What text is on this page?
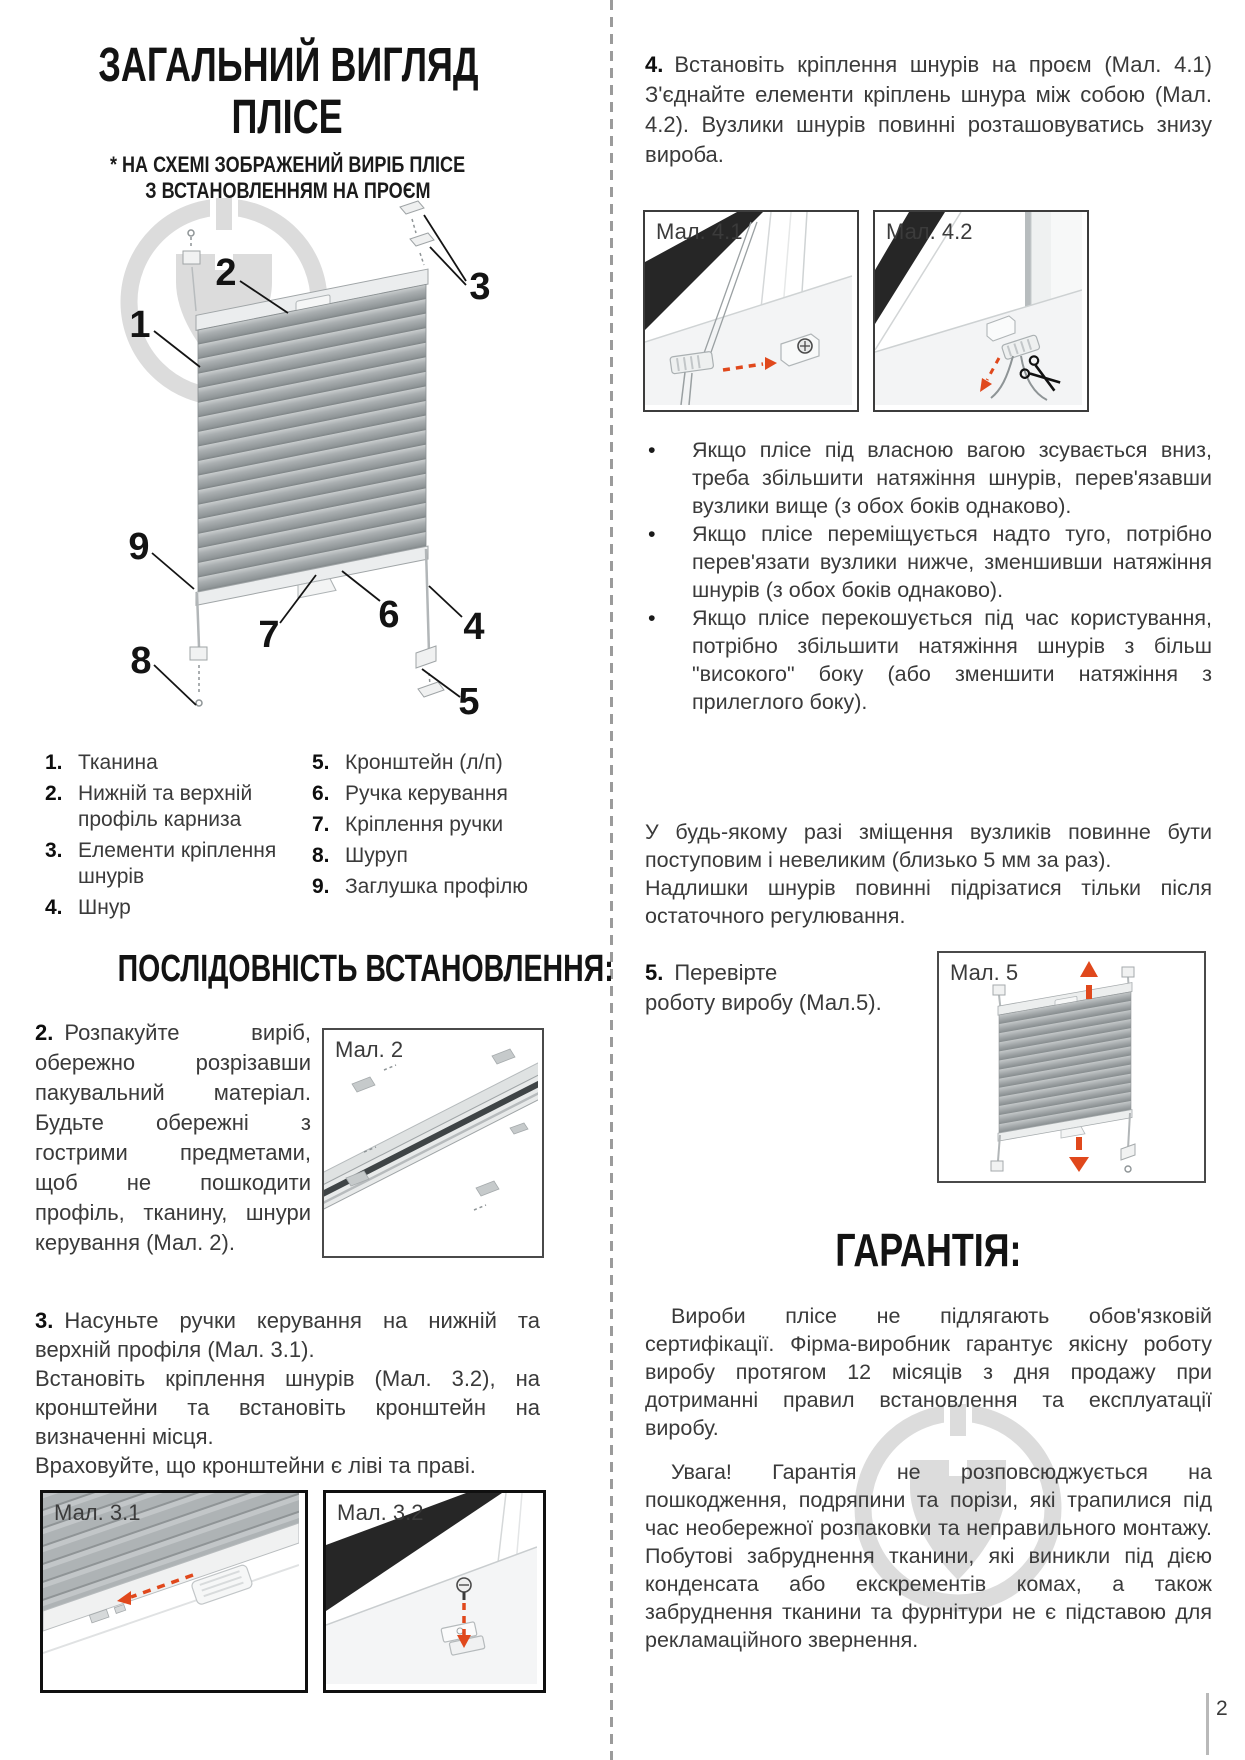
ЗАГАЛЬНИЙ ВИГЛЯД
ПЛІСЕ
* НА СХЕМІ ЗОБРАЖЕНИЙ ВИРІБ ПЛІСЕ
З ВСТАНОВЛЕННЯМ НА ПРОЄМ
1
2	3
9
8
7	6 4
5
1. Тканина
2. Нижній та верхній профіль карниза
3. Елементи кріплення шнурів
4. Шнур
5. Кронштейн (л/п)
6. Ручка керування
7. Кріплення ручки
8. Шуруп
9. Заглушка профілю
ПОСЛІДОВНІСТЬ ВСТАНОВЛЕННЯ:

2.  Розпакуйте виріб, обережно розрізавши пакувальний матеріал. Будьте обережні з гострими предметами, щоб не пошкодити профіль, тканину, шнури керування (Мал. 2).

Мал. 2
3.  Насуньте ручки керування на нижній та верхній профіля (Мал. 3.1).
Встановіть кріплення шнурів (Мал. 3.2), на кронштейни та встановіть кронштейн на визначенні місця.
Враховуйте, що кронштейни є ліві та праві.
Мал. 3.1	Мал. 3.2

4.  Встановіть кріплення шнурів на проєм (Мал. 4.1) З'єднайте елементи кріплень шнура між собою (Мал. 4.2). Вузлики шнурів повинні розташовуватись знизу вироба.

Мал. 4.1	Мал. 4.2
•	Якщо плісе під власною вагою зсувається вниз, треба збільшити натяжіння шнурів, перев'язавши вузлики вище (з обох боків однаково).
•	Якщо плісе переміщується надто туго, потрібно перев'язати вузлики нижче, зменшивши натяжіння шнурів (з обох боків однаково).
•	Якщо плісе перекошується під час користування, потрібно збільшити натяжіння шнурів з більш "високого" боку (або зменшити натяжіння з прилеглого боку).
У будь-якому разі зміщення вузликів повинне бути поступовим і невеликим (близько 5 мм за раз).
Надлишки шнурів повинні підрізатися тільки після остаточного регулювання.
5.  Перевірте
роботу виробу (Мал.5).
Мал. 5
ГАРАНТІЯ:

Вироби плісе не підлягають обов'язковій сертифікації. Фірма-виробник гарантує якісну роботу виробу протягом 12 місяців з дня продажу при дотриманні правил встановлення та експлуатації виробу.

Увага! Гарантія не розповсюджується на пошкодження, подряпини та порізи, які трапилися під час необережної розпаковки та неправильного монтажу. Побутові забруднення тканини, які виникли під дією конденсата або екскрементів комах, а також забруднення тканини та фурнітури не є підставою для рекламаційного звернення.

2
